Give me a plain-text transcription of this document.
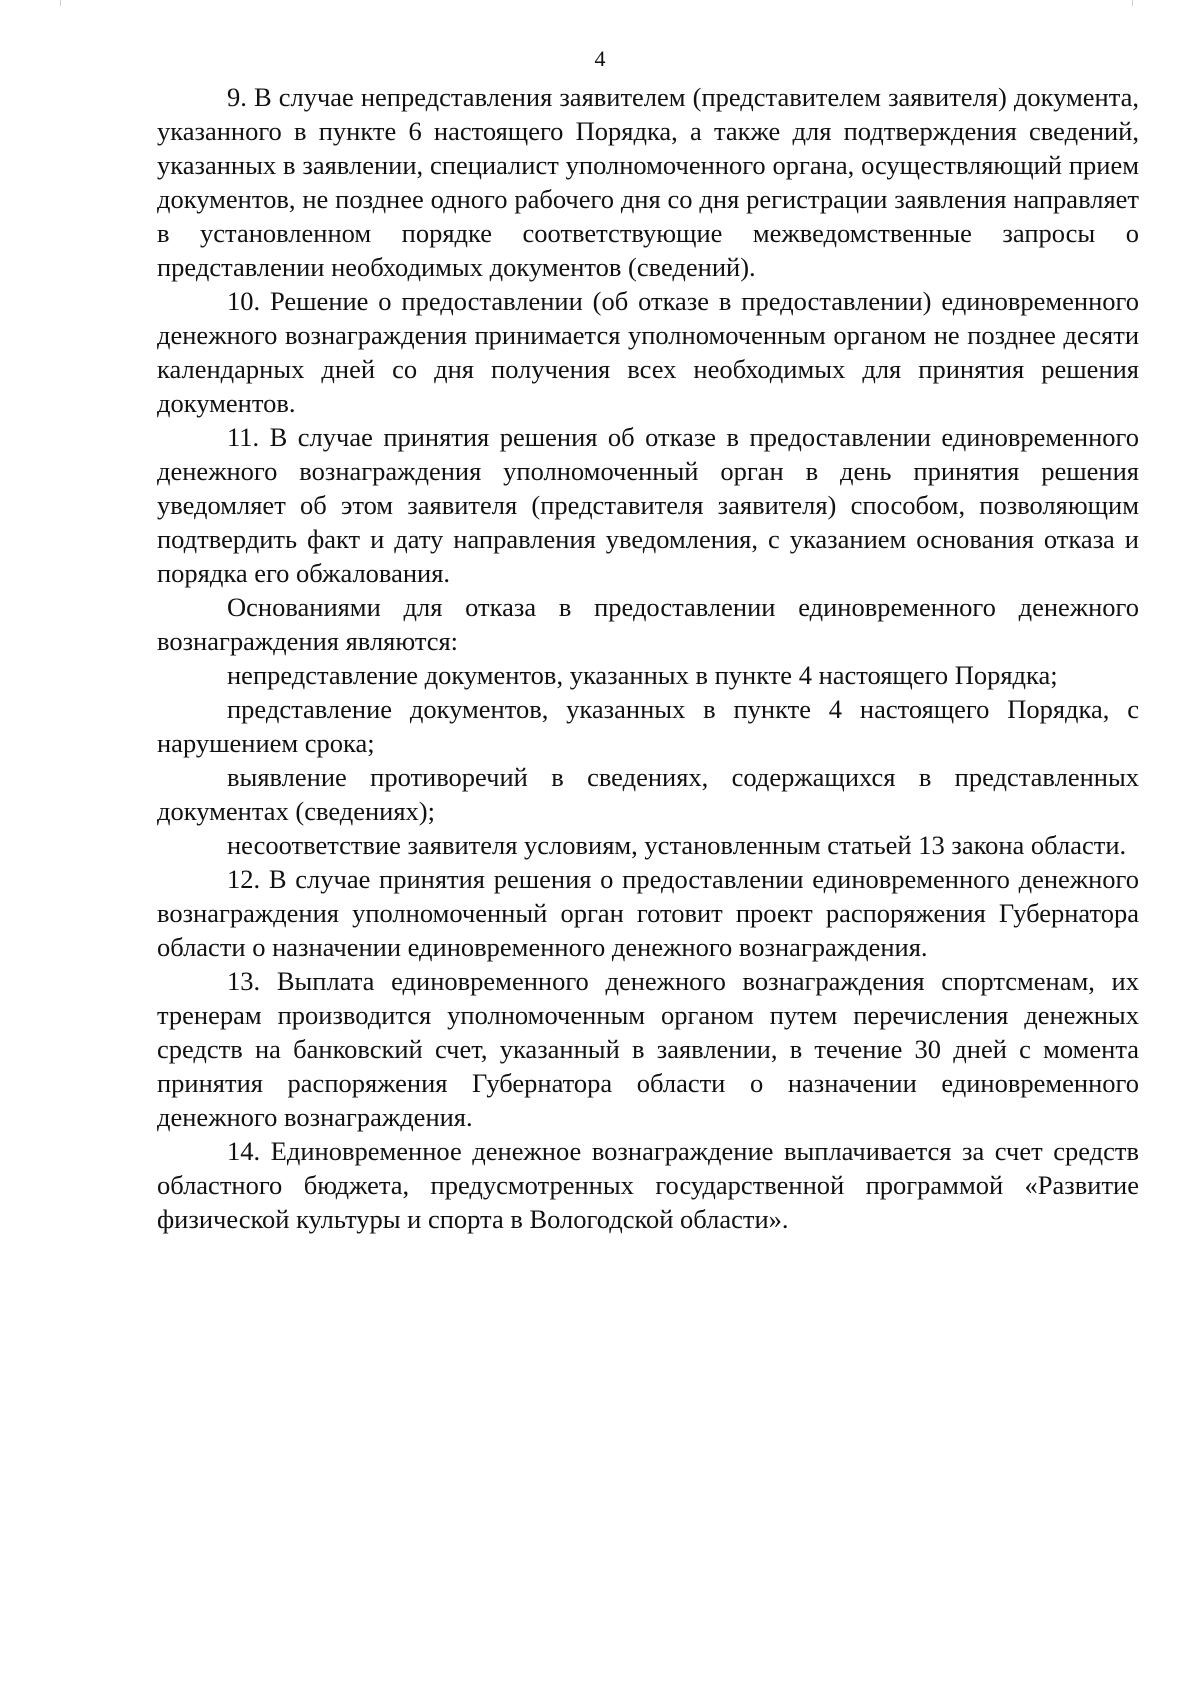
4

9. В случае непредставления заявителем (представителем заявителя) документа, указанного в пункте 6 настоящего Порядка, а также для подтверждения сведений, указанных в заявлении, специалист уполномоченного органа, осуществляющий прием документов, не позднее одного рабочего дня со дня регистрации заявления направляет в установленном порядке соответствующие межведомственные запросы о представлении необходимых документов (сведений).

10. Решение о предоставлении (об отказе в предоставлении) единовременного денежного вознаграждения принимается уполномоченным органом не позднее десяти календарных дней со дня получения всех необходимых для принятия решения документов.

11. В случае принятия решения об отказе в предоставлении единовременного денежного вознаграждения уполномоченный орган в день принятия решения уведомляет об этом заявителя (представителя заявителя) способом, позволяющим подтвердить факт и дату направления уведомления, с указанием основания отказа и порядка его обжалования.

Основаниями для отказа в предоставлении единовременного денежного вознаграждения являются:

непредставление документов, указанных в пункте 4 настоящего Порядка;

представление документов, указанных в пункте 4 настоящего Порядка, с нарушением срока;

выявление противоречий в сведениях, содержащихся в представленных документах (сведениях);

несоответствие заявителя условиям, установленным статьей 13 закона области.

12. В случае принятия решения о предоставлении единовременного денежного вознаграждения уполномоченный орган готовит проект распоряжения Губернатора области о назначении единовременного денежного вознаграждения.

13. Выплата единовременного денежного вознаграждения спортсменам, их тренерам производится уполномоченным органом путем перечисления денежных средств на банковский счет, указанный в заявлении, в течение 30 дней с момента принятия распоряжения Губернатора области о назначении единовременного денежного вознаграждения.

14. Единовременное денежное вознаграждение выплачивается за счет средств областного бюджета, предусмотренных государственной программой «Развитие физической культуры и спорта в Вологодской области».
